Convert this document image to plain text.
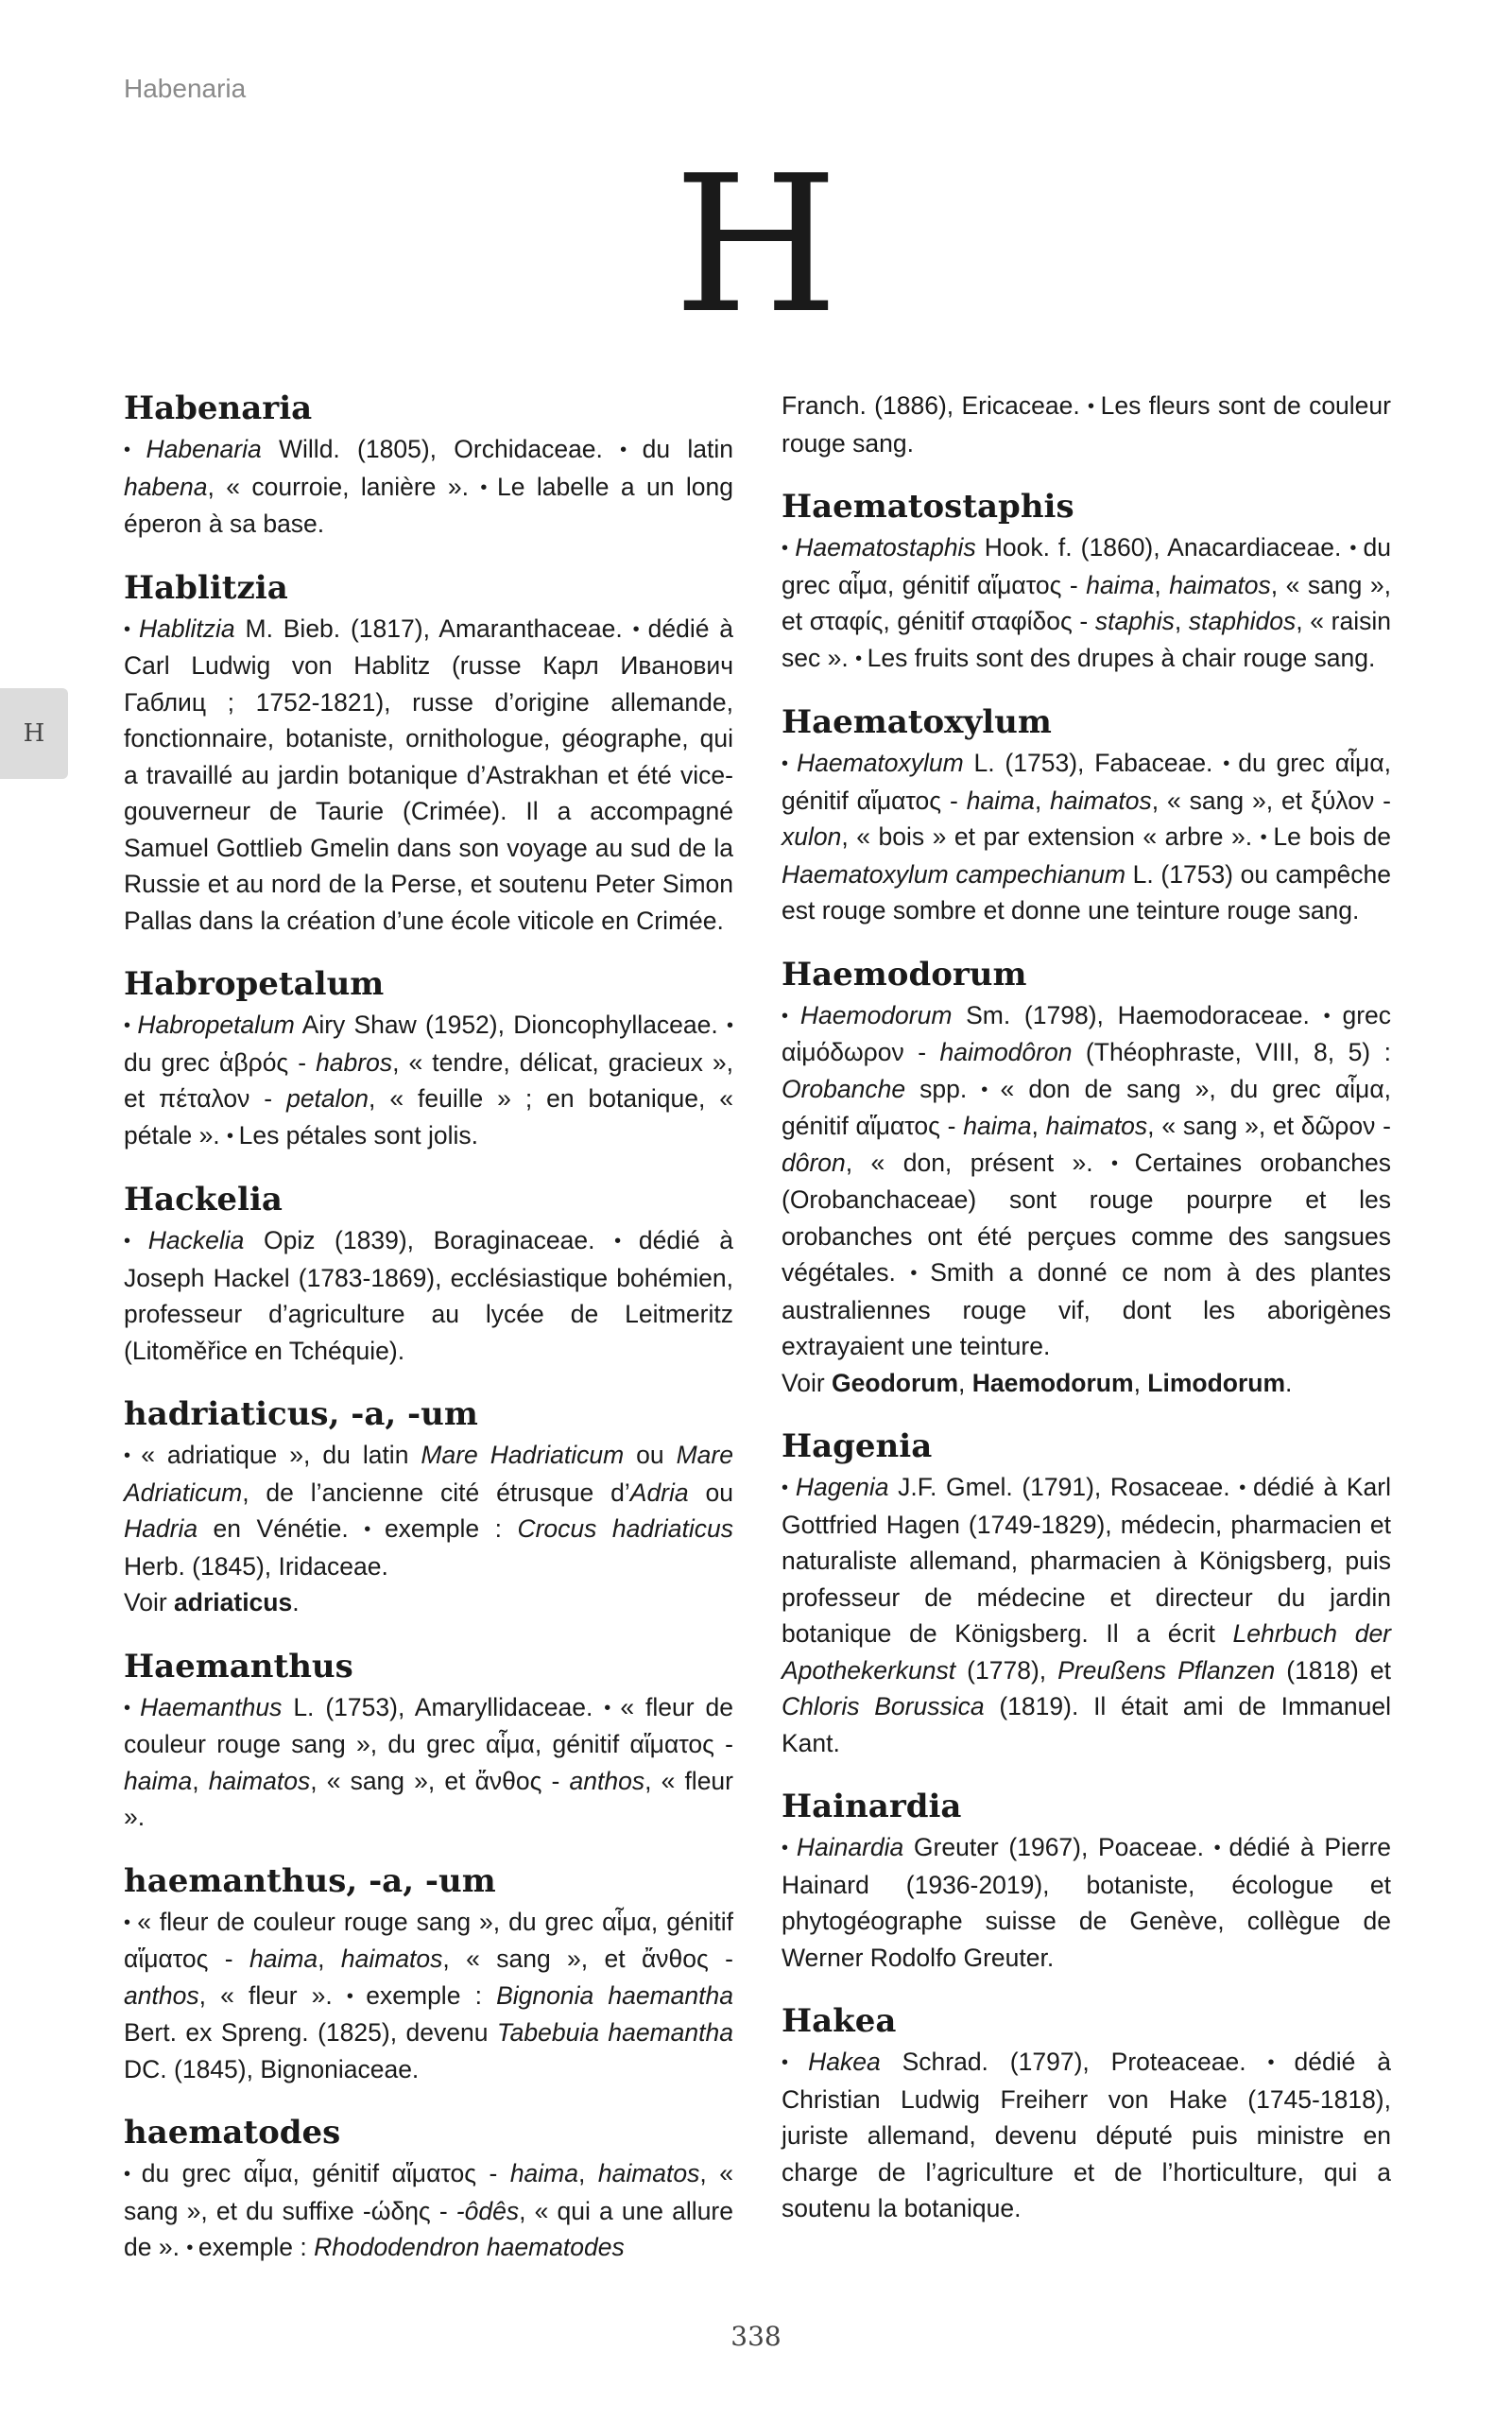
Habenaria
H
H
Habenaria

• Habenaria Willd. (1805), Orchidaceae. • du latin habena, « courroie, lanière ». • Le labelle a un long éperon à sa base.

Hablitzia

• Hablitzia M. Bieb. (1817), Amaranthaceae. • dédié à Carl Ludwig von Hablitz (russe Карл Иванович Габлиц ; 1752-1821), russe d’origine allemande, fonctionnaire, botaniste, ornithologue, géographe, qui a travaillé au jardin botanique d’Astrakhan et été vice-gouverneur de Taurie (Crimée). Il a accompagné Samuel Gottlieb Gmelin dans son voyage au sud de la Russie et au nord de la Perse, et soutenu Peter Simon Pallas dans la création d’une école viticole en Crimée.

Habropetalum

• Habropetalum Airy Shaw (1952), Dioncophyllaceae. • du grec ἁβρός - habros, « tendre, délicat, gracieux », et πέταλον - petalon, « feuille » ; en botanique, « pétale ». • Les pétales sont jolis.

Hackelia

• Hackelia Opiz (1839), Boraginaceae. • dédié à Joseph Hackel (1783-1869), ecclésiastique bohémien, professeur d’agriculture au lycée de Leitmeritz (Litoměřice en Tchéquie).

hadriaticus, -a, -um

• « adriatique », du latin Mare Hadriaticum ou Mare Adriaticum, de l’ancienne cité étrusque d’Adria ou Hadria en Vénétie. • exemple : Crocus hadriaticus Herb. (1845), Iridaceae.
Voir adriaticus.

Haemanthus

• Haemanthus L. (1753), Amaryllidaceae. • « fleur de couleur rouge sang », du grec αἷμα, génitif αἵματος - haima, haimatos, « sang », et ἄνθος - anthos, « fleur ».

haemanthus, -a, -um

• « fleur de couleur rouge sang », du grec αἷμα, génitif αἵματος - haima, haimatos, « sang », et ἄνθος - anthos, « fleur ». • exemple : Bignonia haemantha Bert. ex Spreng. (1825), devenu Tabebuia haemantha DC. (1845), Bignoniaceae.

haematodes

• du grec αἷμα, génitif αἵματος - haima, haimatos, « sang », et du suffixe -ώδης - -ôdês, « qui a une allure de ». • exemple : Rhododendron haematodes

Franch. (1886), Ericaceae. • Les fleurs sont de couleur rouge sang.

Haematostaphis

• Haematostaphis Hook. f. (1860), Anacardiaceae. • du grec αἷμα, génitif αἵματος - haima, haimatos, « sang », et σταφίς, génitif σταφίδος - staphis, staphidos, « raisin sec ». • Les fruits sont des drupes à chair rouge sang.

Haematoxylum

• Haematoxylum L. (1753), Fabaceae. • du grec αἷμα, génitif αἵματος - haima, haimatos, « sang », et ξύλον - xulon, « bois » et par extension « arbre ». • Le bois de Haematoxylum campechianum L. (1753) ou campêche est rouge sombre et donne une teinture rouge sang.

Haemodorum

• Haemodorum Sm. (1798), Haemodoraceae. • grec αἱμόδωρον - haimodôron (Théophraste, VIII, 8, 5) : Orobanche spp. • « don de sang », du grec αἷμα, génitif αἵματος - haima, haimatos, « sang », et δῶρον - dôron, « don, présent ». • Certaines orobanches (Orobanchaceae) sont rouge pourpre et les orobanches ont été perçues comme des sangsues végétales. • Smith a donné ce nom à des plantes australiennes rouge vif, dont les aborigènes extrayaient une teinture.
Voir Geodorum, Haemodorum, Limodorum.

Hagenia

• Hagenia J.F. Gmel. (1791), Rosaceae. • dédié à Karl Gottfried Hagen (1749-1829), médecin, pharmacien et naturaliste allemand, pharmacien à Königsberg, puis professeur de médecine et directeur du jardin botanique de Königsberg. Il a écrit Lehrbuch der Apothekerkunst (1778), Preußens Pflanzen (1818) et Chloris Borussica (1819). Il était ami de Immanuel Kant.

Hainardia

• Hainardia Greuter (1967), Poaceae. • dédié à Pierre Hainard (1936-2019), botaniste, écologue et phytogéographe suisse de Genève, collègue de Werner Rodolfo Greuter.

Hakea

• Hakea Schrad. (1797), Proteaceae. • dédié à Christian Ludwig Freiherr von Hake (1745-1818), juriste allemand, devenu député puis ministre en charge de l’agriculture et de l’horticulture, qui a soutenu la botanique.

338
